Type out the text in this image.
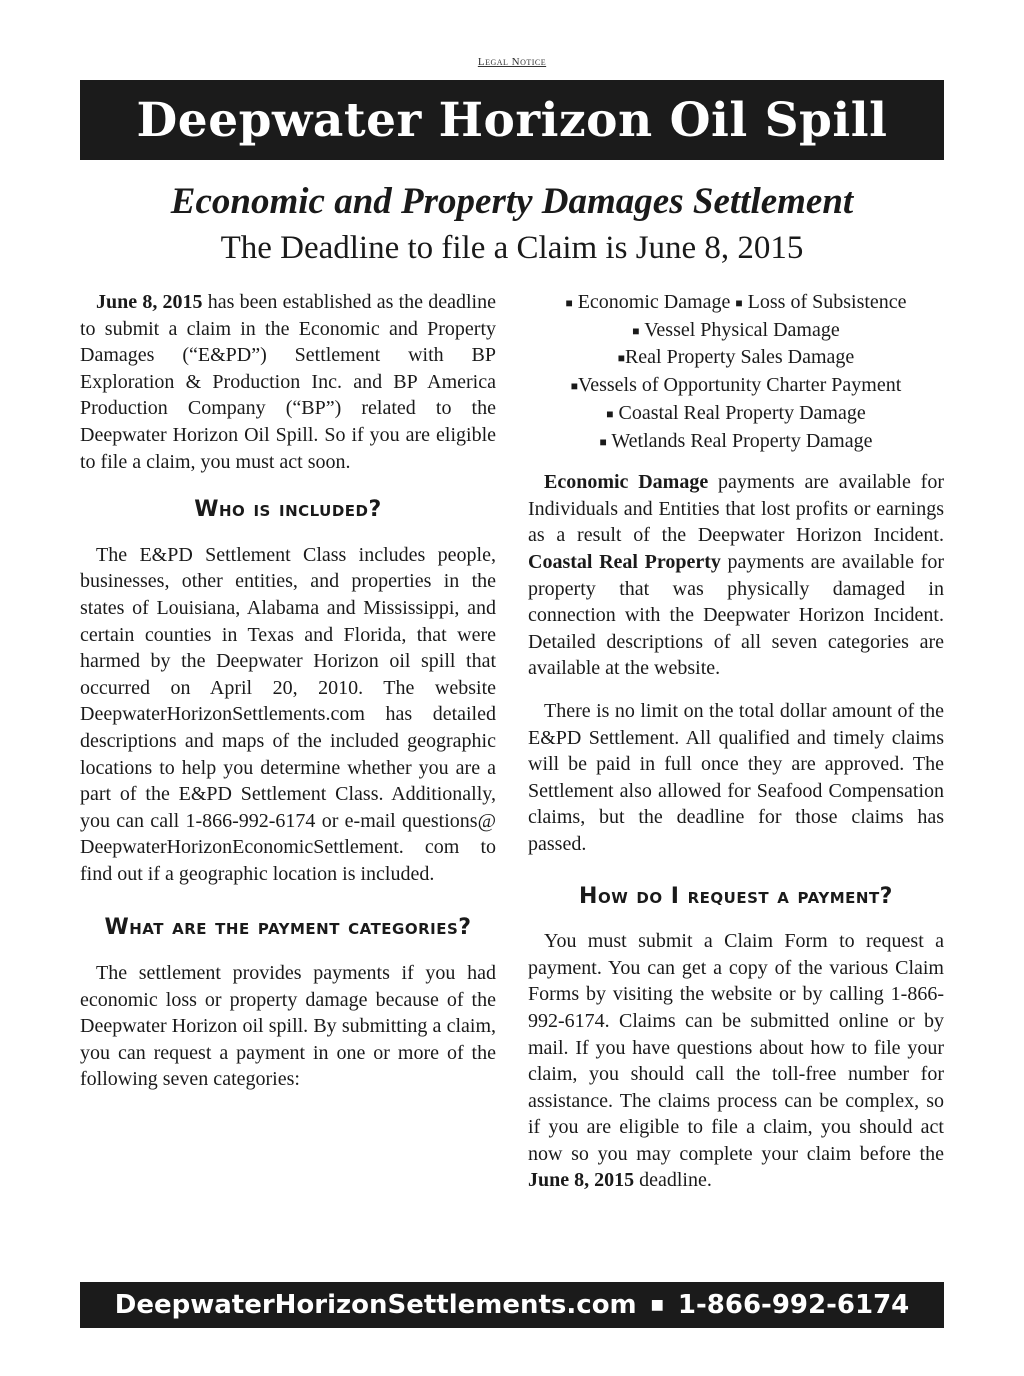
Legal Notice
Deepwater Horizon Oil Spill
Economic and Property Damages Settlement
The Deadline to file a Claim is June 8, 2015

June 8, 2015 has been established as the deadline to submit a claim in the Economic and Property Damages (“E&PD”) Settlement with BP Exploration & Production Inc. and BP America Production Company (“BP”) related to the Deepwater Horizon Oil Spill. So if you are eligible to file a claim, you must act soon.

Who is included?

The E&PD Settlement Class includes people, businesses, other entities, and properties in the states of Louisiana, Alabama and Mississippi, and certain counties in Texas and Florida, that were harmed by the Deepwater Horizon oil spill that occurred on April 20, 2010. The website DeepwaterHorizonSettlements.com has detailed descriptions and maps of the included geographic locations to help you determine whether you are a part of the E&PD Settlement Class. Additionally, you can call 1-866-992-6174 or e-mail questions@ DeepwaterHorizonEconomicSettlement. com to find out if a geographic location is included.

What are the payment categories?

The settlement provides payments if you had economic loss or property damage because of the Deepwater Horizon oil spill. By submitting a claim, you can request a payment in one or more of the following seven categories:

■ Economic Damage ■ Loss of Subsistence
■ Vessel Physical Damage
■Real Property Sales Damage
■Vessels of Opportunity Charter Payment
■ Coastal Real Property Damage
■ Wetlands Real Property Damage

Economic Damage payments are available for Individuals and Entities that lost profits or earnings as a result of the Deepwater Horizon Incident. Coastal Real Property payments are available for property that was physically damaged in connection with the Deepwater Horizon Incident. Detailed descriptions of all seven categories are available at the website.

There is no limit on the total dollar amount of the E&PD Settlement. All qualified and timely claims will be paid in full once they are approved. The Settlement also allowed for Seafood Compensation claims, but the deadline for those claims has passed.

How do I request a payment?

You must submit a Claim Form to request a payment. You can get a copy of the various Claim Forms by visiting the website or by calling 1-866-992-6174. Claims can be submitted online or by mail. If you have questions about how to file your claim, you should call the toll-free number for assistance. The claims process can be complex, so if you are eligible to file a claim, you should act now so you may complete your claim before the June 8, 2015 deadline.

DeepwaterHorizonSettlements.com ■ 1-866-992-6174
